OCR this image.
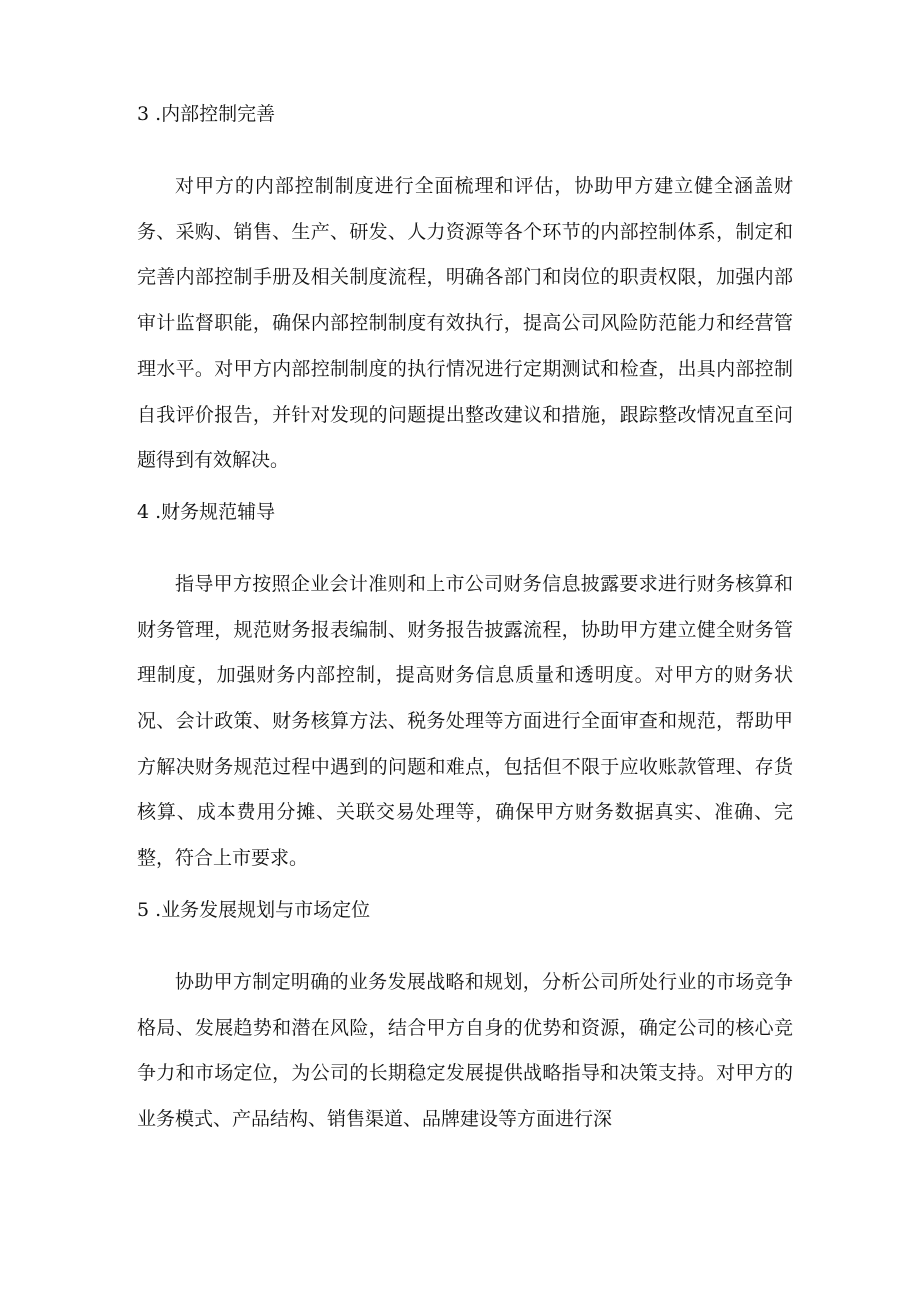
3 .内部控制完善

对甲方的内部控制制度进行全面梳理和评估，协助甲方建立健全涵盖财务、采购、销售、生产、研发、人力资源等各个环节的内部控制体系，制定和完善内部控制手册及相关制度流程，明确各部门和岗位的职责权限，加强内部审计监督职能，确保内部控制制度有效执行，提高公司风险防范能力和经营管理水平。对甲方内部控制制度的执行情况进行定期测试和检查，出具内部控制自我评价报告，并针对发现的问题提出整改建议和措施，跟踪整改情况直至问题得到有效解决。

4 .财务规范辅导

指导甲方按照企业会计准则和上市公司财务信息披露要求进行财务核算和财务管理，规范财务报表编制、财务报告披露流程，协助甲方建立健全财务管理制度，加强财务内部控制，提高财务信息质量和透明度。对甲方的财务状况、会计政策、财务核算方法、税务处理等方面进行全面审查和规范，帮助甲方解决财务规范过程中遇到的问题和难点，包括但不限于应收账款管理、存货核算、成本费用分摊、关联交易处理等，确保甲方财务数据真实、准确、完整，符合上市要求。

5 .业务发展规划与市场定位

协助甲方制定明确的业务发展战略和规划，分析公司所处行业的市场竞争格局、发展趋势和潜在风险，结合甲方自身的优势和资源，确定公司的核心竞争力和市场定位，为公司的长期稳定发展提供战略指导和决策支持。对甲方的业务模式、产品结构、销售渠道、品牌建设等方面进行深
